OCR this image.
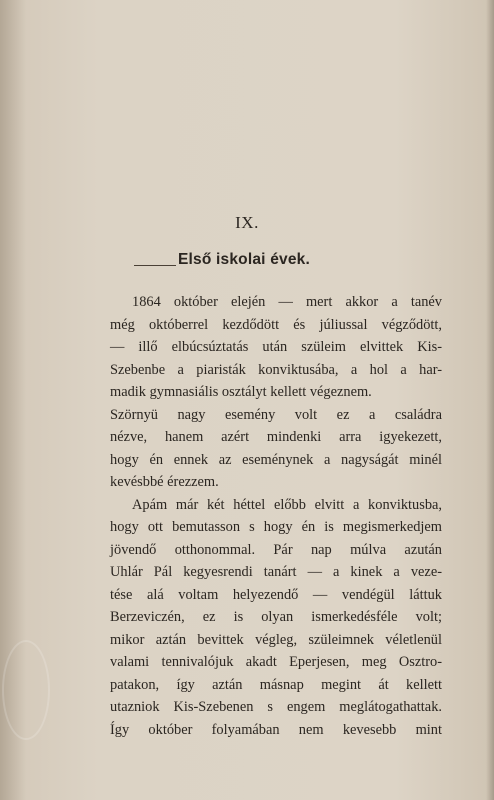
IX.
Első iskolai évek.
1864 október elején — mert akkor a tanév
még októberrel kezdődött és júliussal végződött,
— illő elbúcsúztatás után szüleim elvittek Kis-
Szebenbe a piaristák konviktusába, a hol a har-
madik gymnasiális osztályt kellett végeznem.
Szörnyü nagy esemény volt ez a családra
nézve, hanem azért mindenki arra igyekezett,
hogy én ennek az eseménynek a nagyságát minél
kevésbbé érezzem.
Apám már két héttel előbb elvitt a konviktusba,
hogy ott bemutasson s hogy én is megismerkedjem
jövendő otthonommal. Pár nap múlva azután
Uhlár Pál kegyesrendi tanárt — a kinek a veze-
tése alá voltam helyezendő — vendégül láttuk
Berzeviczén, ez is olyan ismerkedésféle volt;
mikor aztán bevittek végleg, szüleimnek véletlenül
valami tennivalójuk akadt Eperjesen, meg Osztro-
patakon, így aztán másnap megint át kellett
utazniok Kis-Szebenen s engem meglátogathattak.
Így október folyamában nem kevesebb mint
